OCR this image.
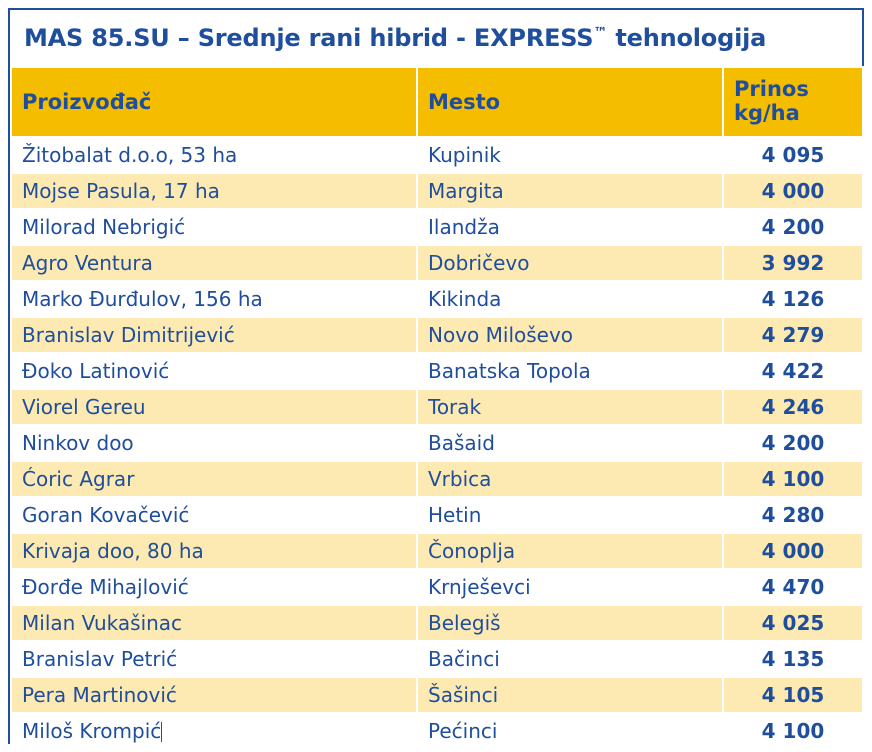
MAS 85.SU – Srednje rani hibrid - EXPRESS™ tehnologija
Proizvođač	Mesto	Prinos
kg/ha

Žitobalat d.o.o, 53 ha	Kupinik	4 095
Mojse Pasula, 17 ha	Margita	4 000
Milorad Nebrigić	Ilandža	4 200
Agro Ventura	Dobričevo	3 992
Marko Đurđulov, 156 ha	Kikinda	4 126
Branislav Dimitrijević	Novo Miloševo	4 279
Đoko Latinović	Banatska Topola	4 422
Viorel Gereu	Torak	4 246
Ninkov doo	Bašaid	4 200
Ćoric Agrar	Vrbica	4 100
Goran Kovačević	Hetin	4 280
Krivaja doo, 80 ha	Čonoplja	4 000
Đorđe Mihajlović	Krnješevci	4 470
Milan Vukašinac	Belegiš	4 025
Branislav Petrić	Bačinci	4 135
Pera Martinović	Šašinci	4 105
Miloš Krompić	Pećinci	4 100
